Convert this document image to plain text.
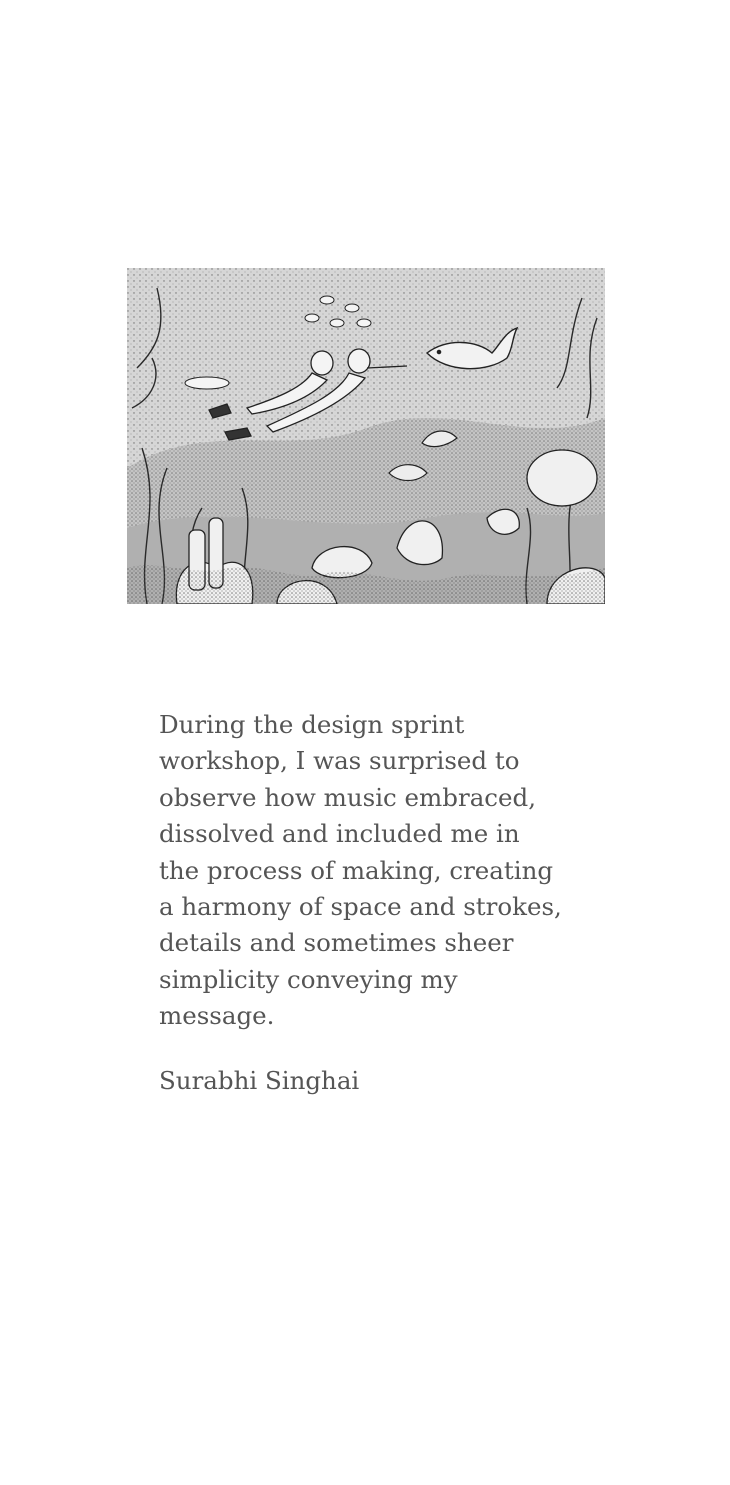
During the design sprint
workshop, I was surprised to
observe how music embraced,
dissolved and included me in
the process of making, creating
a harmony of space and strokes,
details and sometimes sheer
simplicity conveying my
message.

Surabhi Singhai
